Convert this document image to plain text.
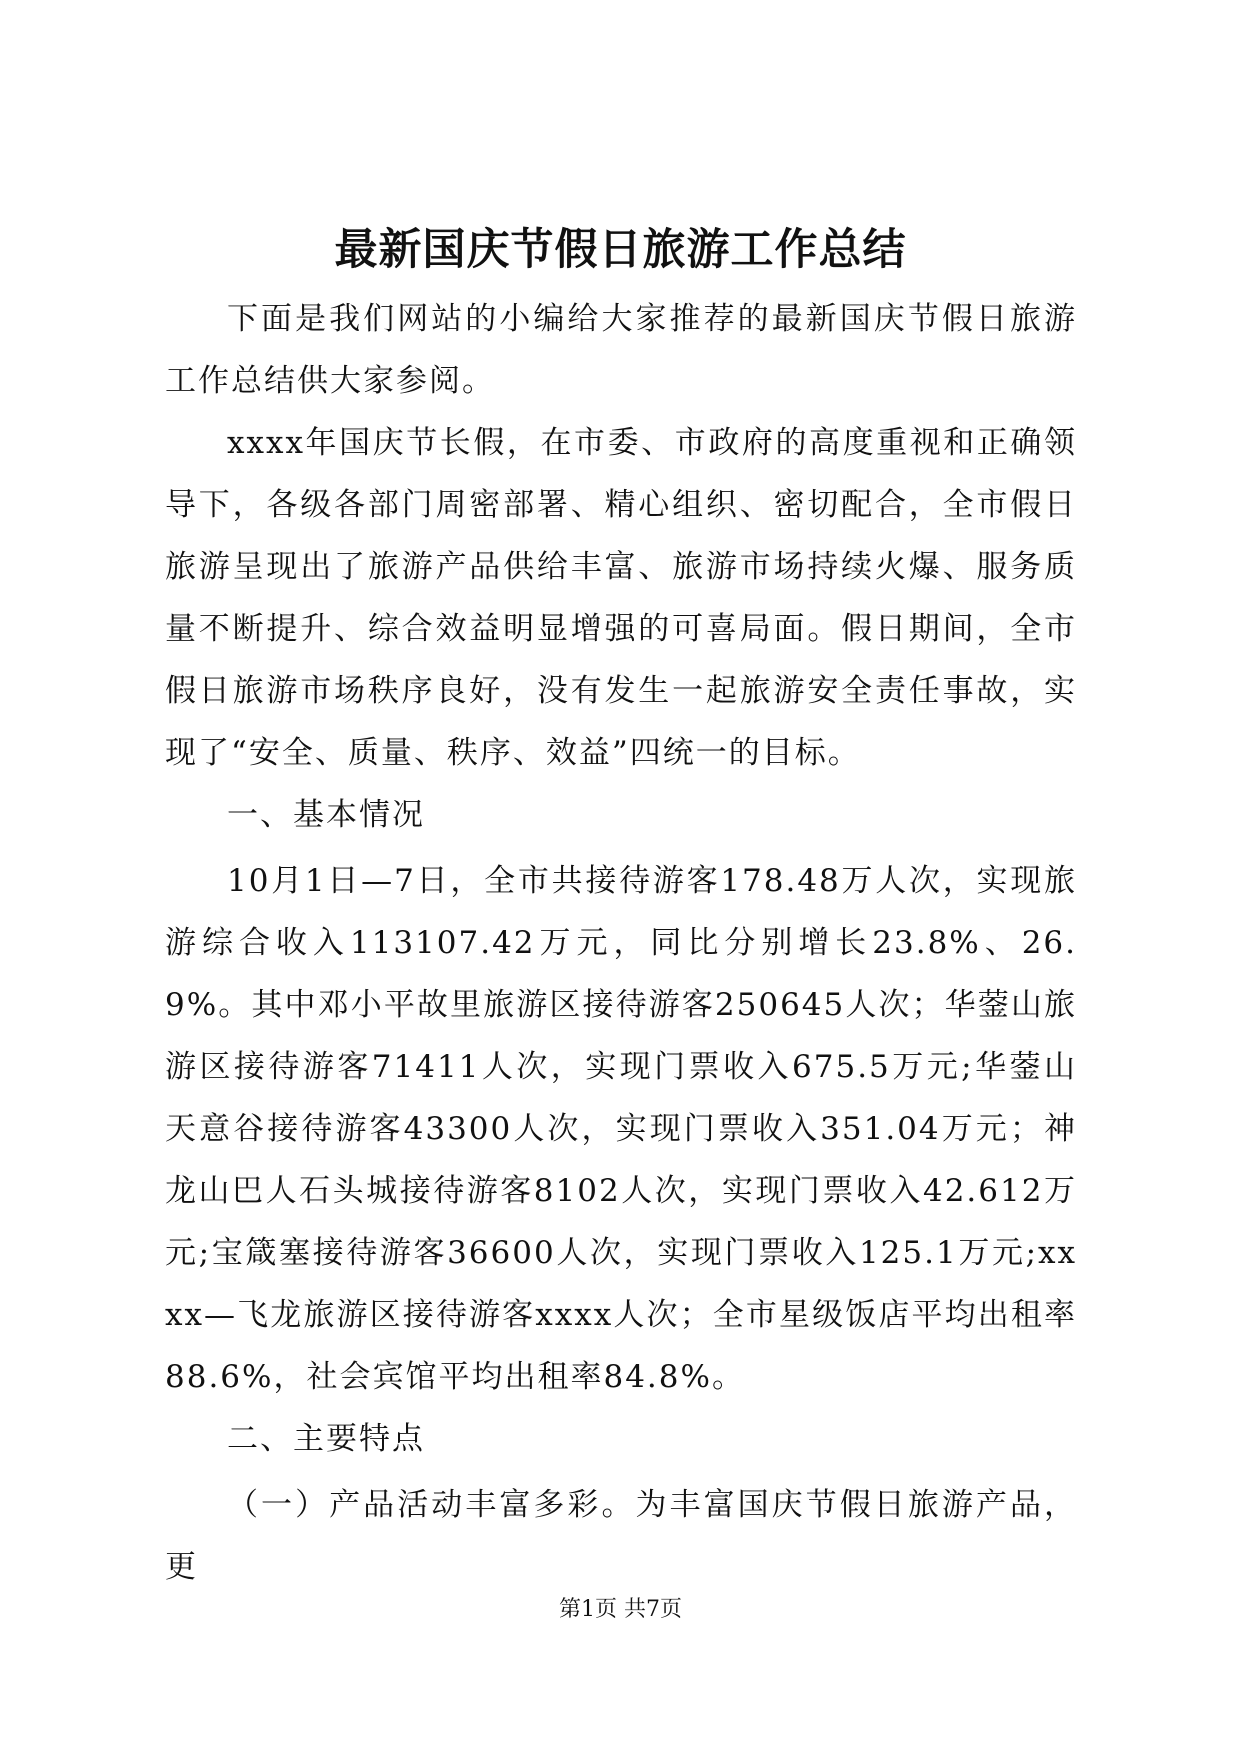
最新国庆节假日旅游工作总结

下面是我们网站的小编给大家推荐的最新国庆节假日旅游工作总结供大家参阅。

xxxx年国庆节长假，在市委、市政府的高度重视和正确领导下，各级各部门周密部署、精心组织、密切配合，全市假日旅游呈现出了旅游产品供给丰富、旅游市场持续火爆、服务质量不断提升、综合效益明显增强的可喜局面。假日期间，全市假日旅游市场秩序良好，没有发生一起旅游安全责任事故，实现了“安全、质量、秩序、效益”四统一的目标。

一、基本情况

10月1日—7日，全市共接待游客178.48万人次，实现旅游综合收入113107.42万元，同比分别增长23.8%、26.9%。其中邓小平故里旅游区接待游客250645人次；华蓥山旅游区接待游客71411人次，实现门票收入675.5万元;华蓥山天意谷接待游客43300人次，实现门票收入351.04万元；神龙山巴人石头城接待游客8102人次，实现门票收入42.612万元;宝箴塞接待游客36600人次，实现门票收入125.1万元;xxxx—飞龙旅游区接待游客xxxx人次；全市星级饭店平均出租率88.6%，社会宾馆平均出租率84.8%。

二、主要特点

（一）产品活动丰富多彩。为丰富国庆节假日旅游产品，更

第1页 共7页
